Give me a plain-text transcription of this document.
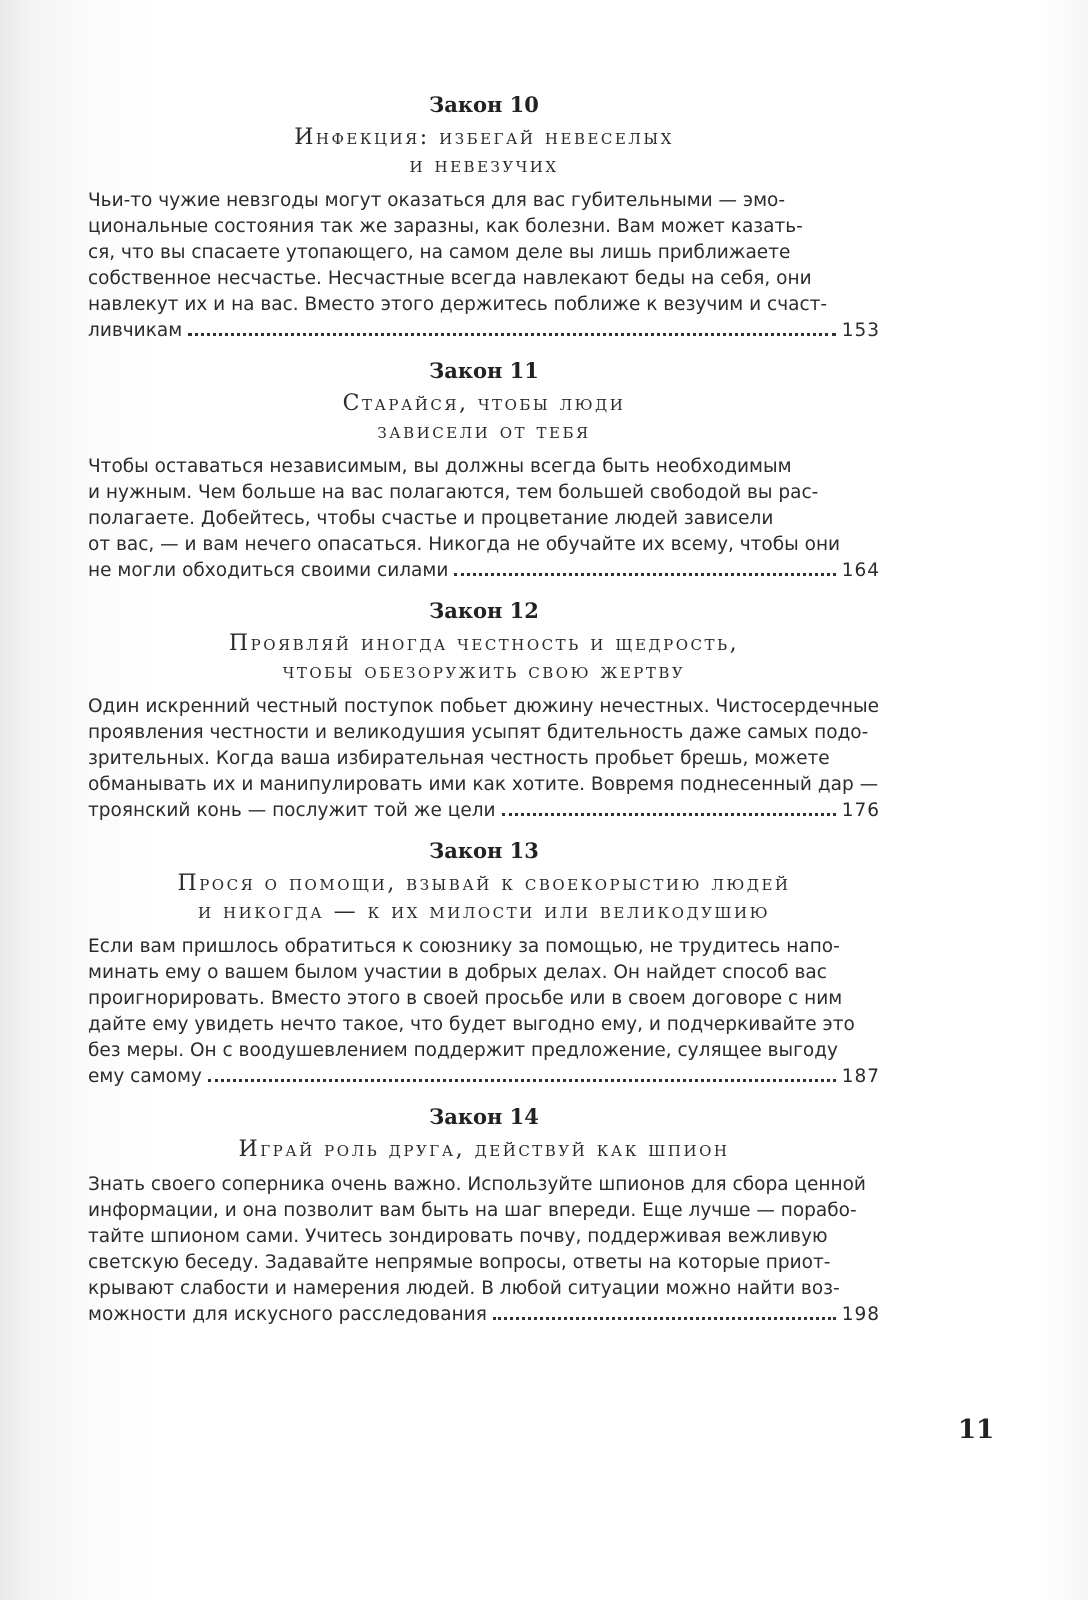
Закон 10
Инфекция: избегай невеселых
и невезучих
Чьи-то чужие невзгоды могут оказаться для вас губительными — эмо-
циональные состояния так же заразны, как болезни. Вам может казать-
ся, что вы спасаете утопающего, на самом деле вы лишь приближаете
собственное несчастье. Несчастные всегда навлекают беды на себя, они
навлекут их и на вас. Вместо этого держитесь поближе к везучим и счаст-
ливчикам	153
Закон 11
Старайся, чтобы люди
зависели от тебя
Чтобы оставаться независимым, вы должны всегда быть необходимым
и нужным. Чем больше на вас полагаются, тем большей свободой вы рас-
полагаете. Добейтесь, чтобы счастье и процветание людей зависели
от вас, — и вам нечего опасаться. Никогда не обучайте их всему, чтобы они
не могли обходиться своими силами	164
Закон 12
Проявляй иногда честность и щедрость,
чтобы обезоружить свою жертву
Один искренний честный поступок побьет дюжину нечестных. Чистосердечные
проявления честности и великодушия усыпят бдительность даже самых подо-
зрительных. Когда ваша избирательная честность пробьет брешь, можете
обманывать их и манипулировать ими как хотите. Вовремя поднесенный дар —
троянский конь — послужит той же цели	176
Закон 13
Прося о помощи, взывай к своекорыстию людей
и никогда — к их милости или великодушию
Если вам пришлось обратиться к союзнику за помощью, не трудитесь напо-
минать ему о вашем былом участии в добрых делах. Он найдет способ вас
проигнорировать. Вместо этого в своей просьбе или в своем договоре с ним
дайте ему увидеть нечто такое, что будет выгодно ему, и подчеркивайте это
без меры. Он с воодушевлением поддержит предложение, сулящее выгоду
ему самому	187
Закон 14
Играй роль друга, действуй как шпион
Знать своего соперника очень важно. Используйте шпионов для сбора ценной
информации, и она позволит вам быть на шаг впереди. Еще лучше — порабо-
тайте шпионом сами. Учитесь зондировать почву, поддерживая вежливую
светскую беседу. Задавайте непрямые вопросы, ответы на которые приот-
крывают слабости и намерения людей. В любой ситуации можно найти воз-
можности для искусного расследования	198
11
